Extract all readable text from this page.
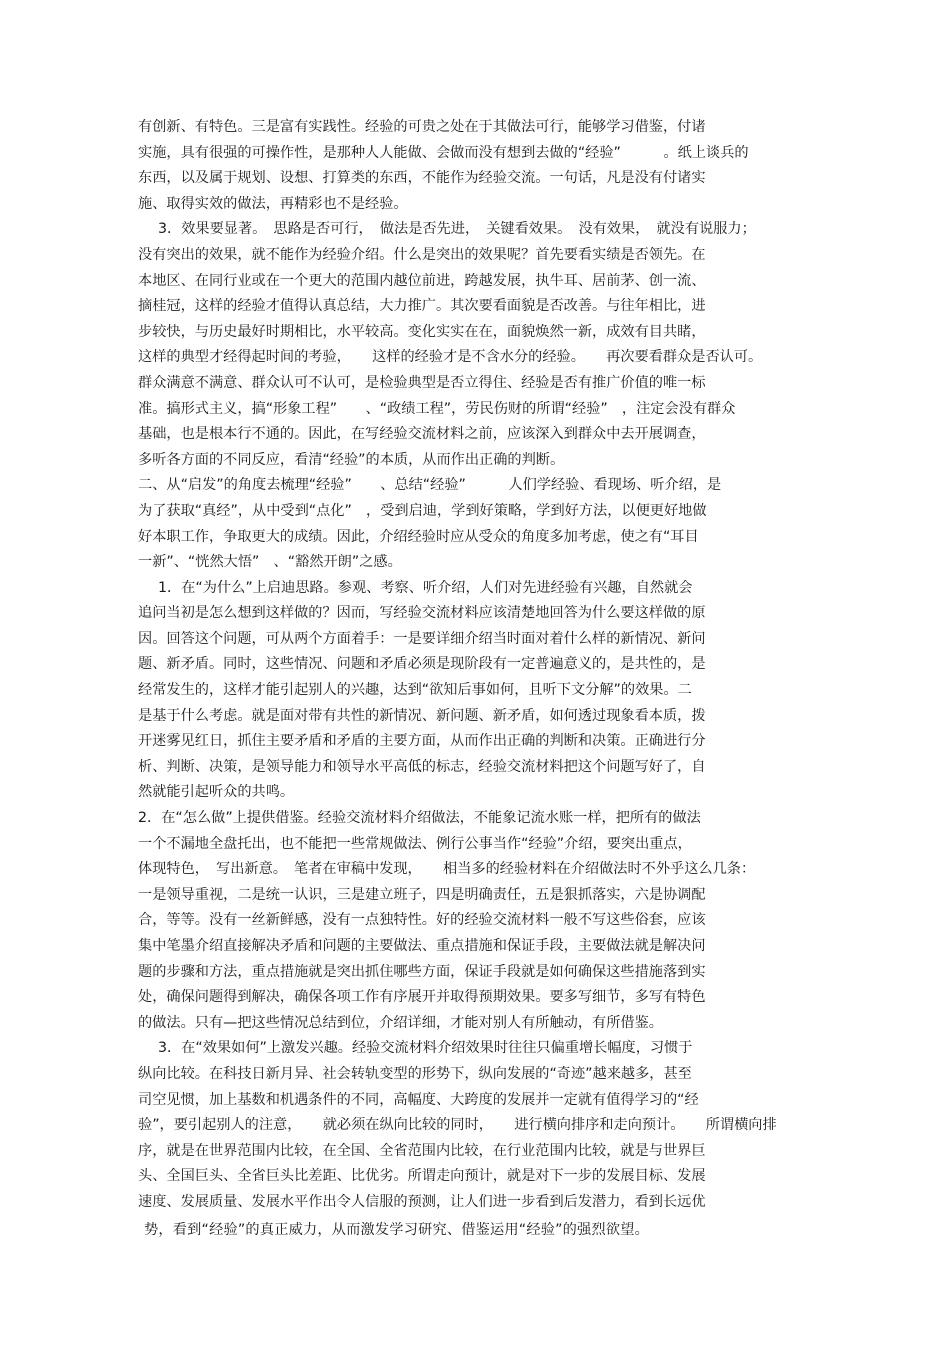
有创新、有特色。三是富有实践性。经验的可贵之处在于其做法可行，能够学习借鉴，付诸
实施，具有很强的可操作性，是那种人人能做、会做而没有想到去做的“经验”　　　。纸上谈兵的
东西，以及属于规划、设想、打算类的东西，不能作为经验交流。一句话，凡是没有付诸实
施、取得实效的做法，再精彩也不是经验。
3．效果要显著。　思路是否可行，　做法是否先进，　关键看效果。　没有效果，　就没有说服力；
没有突出的效果，就不能作为经验介绍。什么是突出的效果呢？首先要看实绩是否领先。在
本地区、在同行业或在一个更大的范围内越位前进，跨越发展，执牛耳、居前茅、创一流、
摘桂冠，这样的经验才值得认真总结，大力推广。其次要看面貌是否改善。与往年相比，进
步较快，与历史最好时期相比，水平较高。变化实实在在，面貌焕然一新，成效有目共睹，
这样的典型才经得起时间的考验，　　这样的经验才是不含水分的经验。　　再次要看群众是否认可。
群众满意不满意、群众认可不认可，是检验典型是否立得住、经验是否有推广价值的唯一标
准。搞形式主义，搞“形象工程”　　、“政绩工程”，劳民伤财的所谓“经验”　，注定会没有群众
基础，也是根本行不通的。因此，在写经验交流材料之前，应该深入到群众中去开展调查，
多听各方面的不同反应，看清“经验”的本质，从而作出正确的判断。
二、从“启发”的角度去梳理“经验”　　、总结“经验”　　　人们学经验、看现场、听介绍，是
为了获取“真经”，从中受到“点化”　，受到启迪，学到好策略，学到好方法，以便更好地做
好本职工作，争取更大的成绩。因此，介绍经验时应从受众的角度多加考虑，使之有“耳目
一新”、“恍然大悟”　、“豁然开朗”之感。
1．在“为什么”上启迪思路。参观、考察、听介绍，人们对先进经验有兴趣，自然就会
追问当初是怎么想到这样做的？因而，写经验交流材料应该清楚地回答为什么要这样做的原
因。回答这个问题，可从两个方面着手：一是要详细介绍当时面对着什么样的新情况、新问
题、新矛盾。同时，这些情况、问题和矛盾必须是现阶段有一定普遍意义的，是共性的，是
经常发生的，这样才能引起别人的兴趣，达到“欲知后事如何，且听下文分解”的效果。二
是基于什么考虑。就是面对带有共性的新情况、新问题、新矛盾，如何透过现象看本质，拨
开迷雾见红日，抓住主要矛盾和矛盾的主要方面，从而作出正确的判断和决策。正确进行分
析、判断、决策，是领导能力和领导水平高低的标志，经验交流材料把这个问题写好了，自
然就能引起听众的共鸣。
2．在“怎么做”上提供借鉴。经验交流材料介绍做法，不能象记流水账一样，把所有的做法
一个不漏地全盘托出，也不能把一些常规做法、例行公事当作“经验”介绍，要突出重点，
体现特色，　写出新意。　笔者在审稿中发现，　　相当多的经验材料在介绍做法时不外乎这么几条：
一是领导重视，二是统一认识，三是建立班子，四是明确责任，五是狠抓落实，六是协调配
合，等等。没有一丝新鲜感，没有一点独特性。好的经验交流材料一般不写这些俗套，应该
集中笔墨介绍直接解决矛盾和问题的主要做法、重点措施和保证手段，主要做法就是解决问
题的步骤和方法，重点措施就是突出抓住哪些方面，保证手段就是如何确保这些措施落到实
处，确保问题得到解决，确保各项工作有序展开并取得预期效果。要多写细节，多写有特色
的做法。只有—把这些情况总结到位，介绍详细，才能对别人有所触动，有所借鉴。
3．在“效果如何”上激发兴趣。经验交流材料介绍效果时往往只偏重增长幅度，习惯于
纵向比较。在科技日新月异、社会转轨变型的形势下，纵向发展的“奇迹”越来越多，甚至
司空见惯，加上基数和机遇条件的不同，高幅度、大跨度的发展并一定就有值得学习的“经
验”，要引起别人的注意，　　就必须在纵向比较的同时，　　进行横向排序和走向预计。　　所谓横向排
序，就是在世界范围内比较，在全国、全省范围内比较，在行业范围内比较，就是与世界巨
头、全国巨头、全省巨头比差距、比优劣。所谓走向预计，就是对下一步的发展目标、发展
速度、发展质量、发展水平作出令人信服的预测，让人们进一步看到后发潜力，看到长远优
势，看到“经验”的真正威力，从而激发学习研究、借鉴运用“经验”的强烈欲望。
